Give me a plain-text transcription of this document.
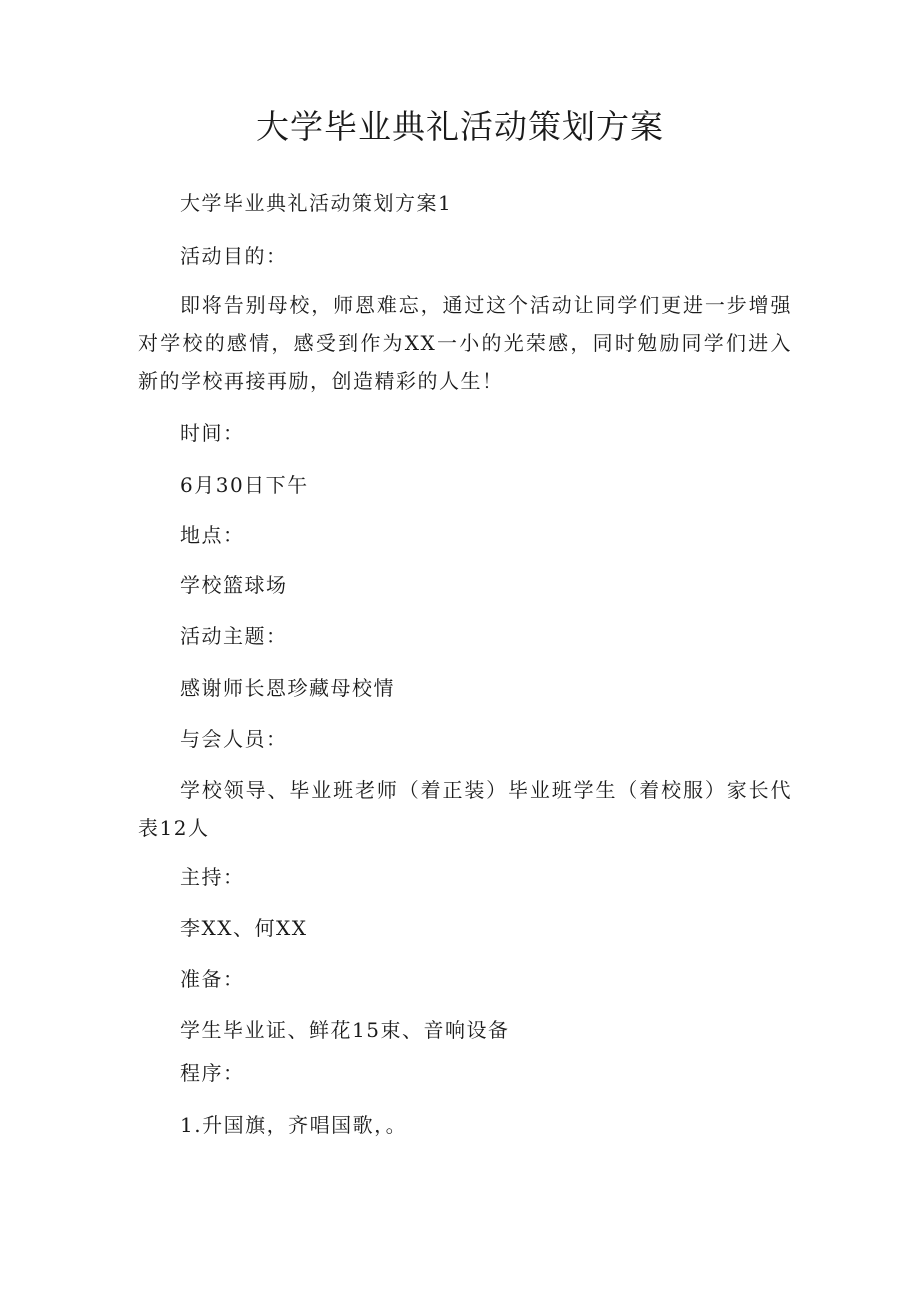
大学毕业典礼活动策划方案

大学毕业典礼活动策划方案1

活动目的：

即将告别母校，师恩难忘，通过这个活动让同学们更进一步增强对学校的感情，感受到作为XX一小的光荣感，同时勉励同学们进入新的学校再接再励，创造精彩的人生！

时间：

6月30日下午

地点：

学校篮球场

活动主题：

感谢师长恩珍藏母校情

与会人员：

学校领导、毕业班老师（着正装）毕业班学生（着校服）家长代表12人

主持：

李XX、何XX

准备：

学生毕业证、鲜花15束、音响设备

程序：

1.升国旗，齐唱国歌，。
